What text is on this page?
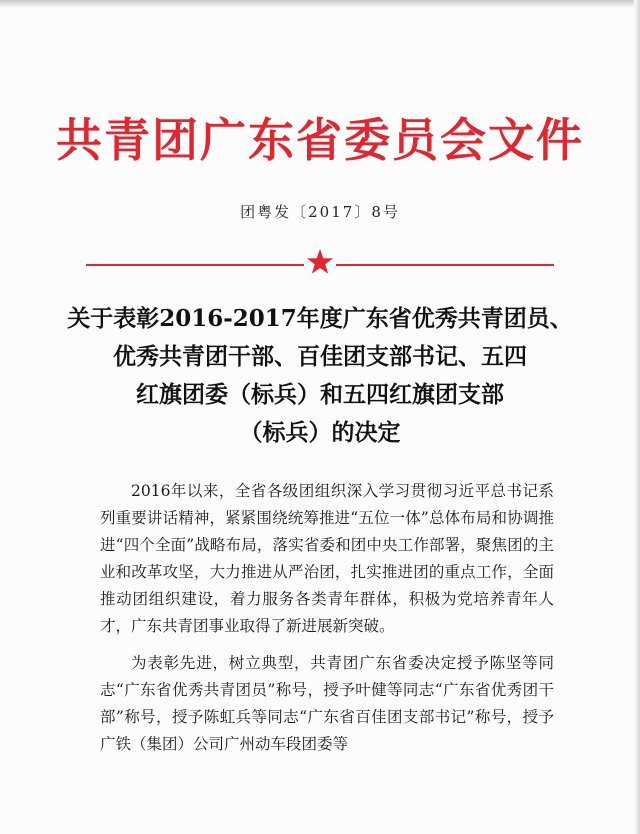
共青团广东省委员会文件
团粤发〔2017〕8号
关于表彰2016-2017年度广东省优秀共青团员、
优秀共青团干部、百佳团支部书记、五四
红旗团委（标兵）和五四红旗团支部
（标兵）的决定

2016年以来，全省各级团组织深入学习贯彻习近平总书记系列重要讲话精神，紧紧围绕统筹推进“五位一体”总体布局和协调推进“四个全面”战略布局，落实省委和团中央工作部署，聚焦团的主业和改革攻坚，大力推进从严治团，扎实推进团的重点工作，全面推动团组织建设，着力服务各类青年群体，积极为党培养青年人才，广东共青团事业取得了新进展新突破。

为表彰先进，树立典型，共青团广东省委决定授予陈坚等同志“广东省优秀共青团员”称号，授予叶健等同志“广东省优秀团干部”称号，授予陈虹兵等同志“广东省百佳团支部书记”称号，授予广铁（集团）公司广州动车段团委等
